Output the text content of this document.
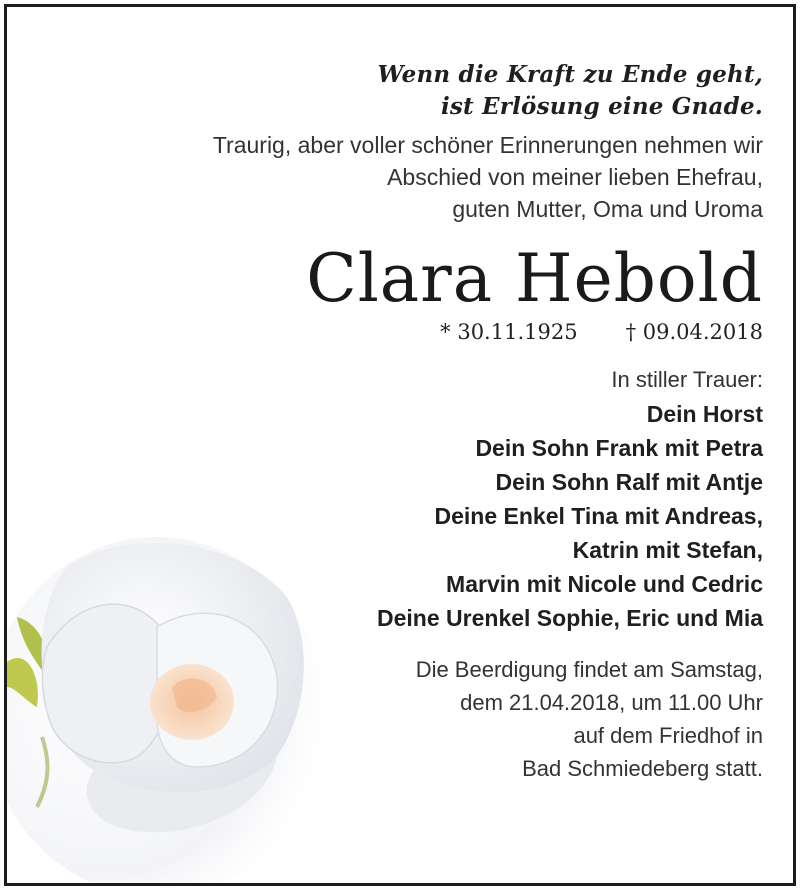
Wenn die Kraft zu Ende geht,
ist Erlösung eine Gnade.
Traurig, aber voller schöner Erinnerungen nehmen wir
Abschied von meiner lieben Ehefrau,
guten Mutter, Oma und Uroma
Clara Hebold
* 30.11.1925 † 09.04.2018
In stiller Trauer:
Dein Horst
Dein Sohn Frank mit Petra
Dein Sohn Ralf mit Antje
Deine Enkel Tina mit Andreas,
Katrin mit Stefan,
Marvin mit Nicole und Cedric
Deine Urenkel Sophie, Eric und Mia
Die Beerdigung findet am Samstag,
dem 21.04.2018, um 11.00 Uhr
auf dem Friedhof in
Bad Schmiedeberg statt.
